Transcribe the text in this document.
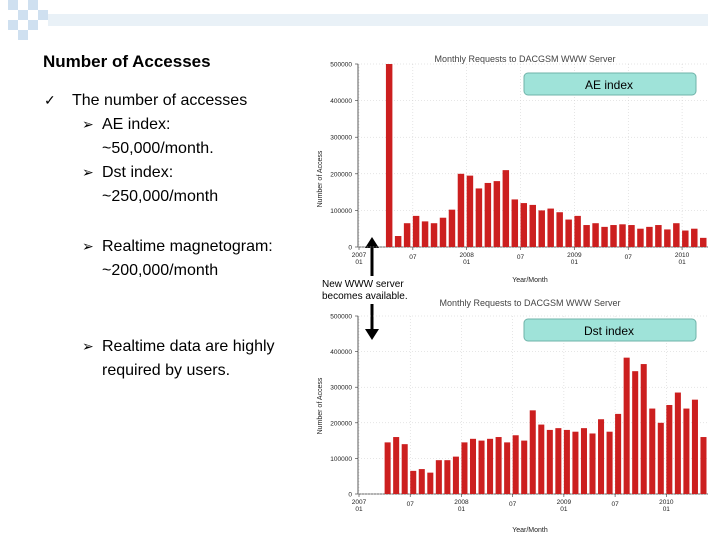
Number of Accesses
✓ The number of accesses
➢ AE index:
~50,000/month.
➢ Dst index:
~250,000/month
➢ Realtime magnetogram:
~200,000/month
➢ Realtime data are highly
required by users.
New WWW server
becomes available.
Monthly Requests to DACGSM WWW Server
Number of Access
Year/Month
0
100000
200000
300000
400000
500000
2007
01
07	2008
01
07	2009
01
07	2010
01
AE index
Monthly Requests to DACGSM WWW Server
Number of Access
Year/Month
0
100000
200000
300000
400000
500000
2007
01
07	2008
01
07	2009
01
07	2010
01
Dst index
